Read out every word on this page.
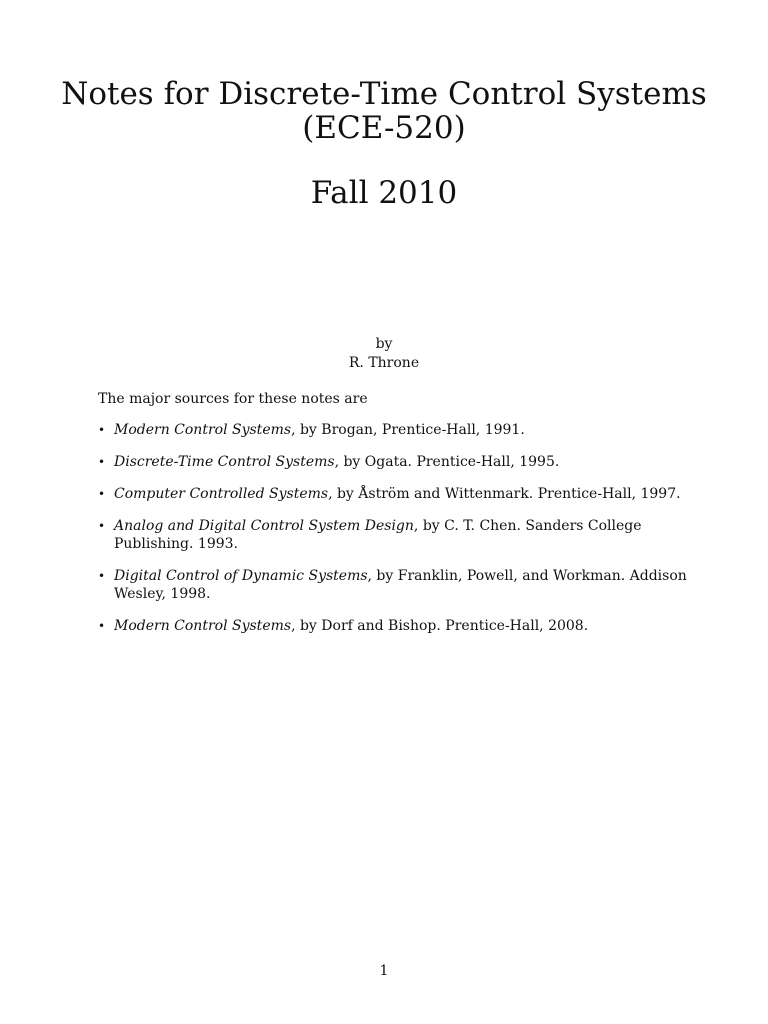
Notes for Discrete-Time Control Systems
(ECE-520)
Fall 2010
by
R. Throne
The major sources for these notes are
• Modern Control Systems, by Brogan, Prentice-Hall, 1991.
• Discrete-Time Control Systems, by Ogata. Prentice-Hall, 1995.
• Computer Controlled Systems, by Åström and Wittenmark. Prentice-Hall, 1997.
• Analog and Digital Control System Design, by C. T. Chen. Sanders College Publishing. 1993.
• Digital Control of Dynamic Systems, by Franklin, Powell, and Workman. Addison Wesley, 1998.
• Modern Control Systems, by Dorf and Bishop. Prentice-Hall, 2008.
1
